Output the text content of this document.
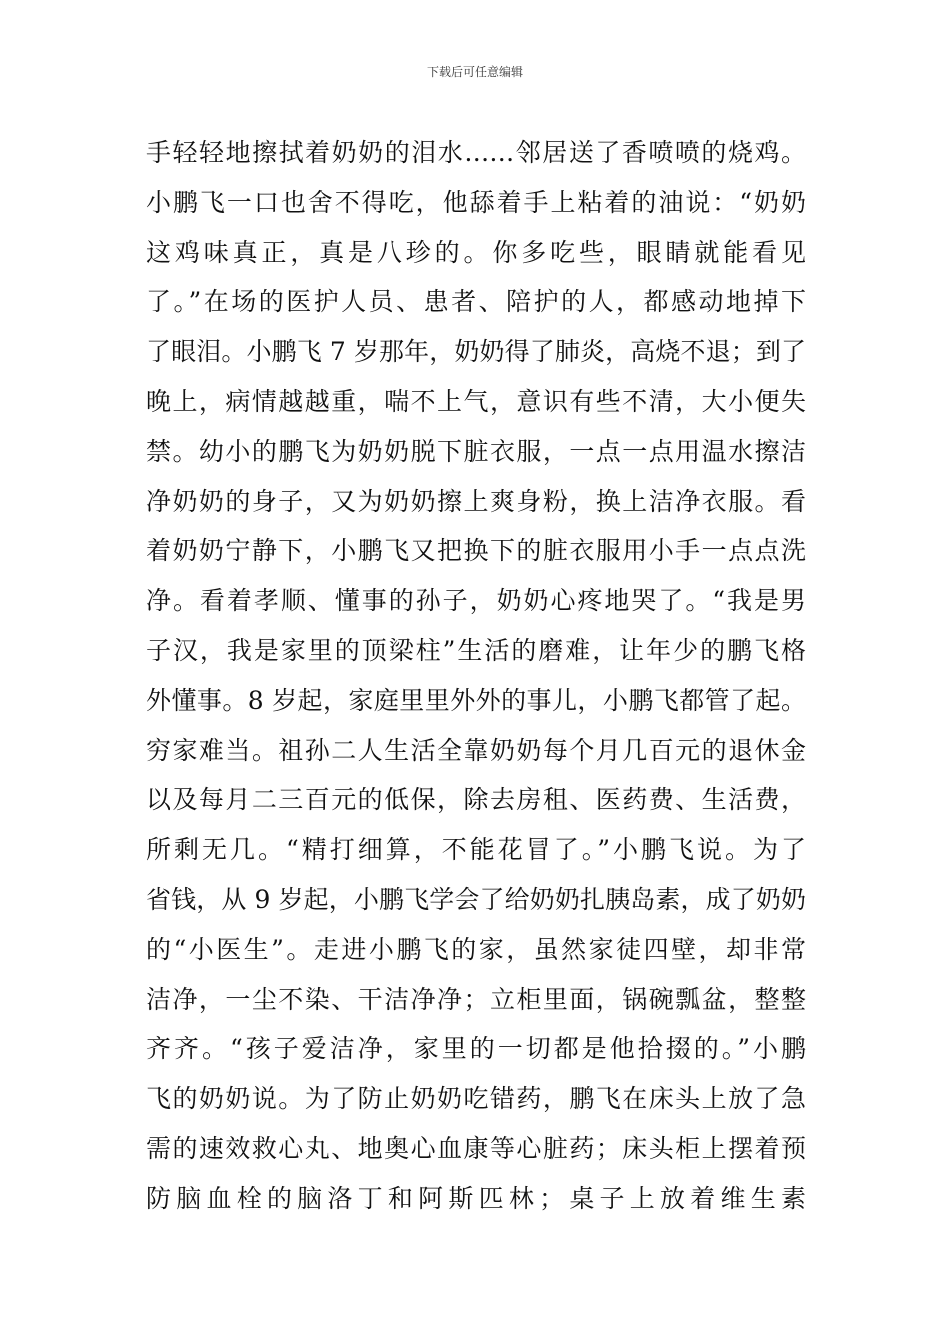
下载后可任意编辑
手轻轻地擦拭着奶奶的泪水……邻居送了香喷喷的烧鸡。
小鹏飞一口也舍不得吃，他舔着手上粘着的油说：“奶奶
这鸡味真正，真是八珍的。你多吃些，眼睛就能看见
了。”在场的医护人员、患者、陪护的人，都感动地掉下
了眼泪。小鹏飞 7 岁那年，奶奶得了肺炎，高烧不退；到了
晚上，病情越越重，喘不上气，意识有些不清，大小便失
禁。幼小的鹏飞为奶奶脱下脏衣服，一点一点用温水擦洁
净奶奶的身子，又为奶奶擦上爽身粉，换上洁净衣服。看
着奶奶宁静下，小鹏飞又把换下的脏衣服用小手一点点洗
净。看着孝顺、懂事的孙子，奶奶心疼地哭了。“我是男
子汉，我是家里的顶梁柱”生活的磨难，让年少的鹏飞格
外懂事。8 岁起，家庭里里外外的事儿，小鹏飞都管了起。
穷家难当。祖孙二人生活全靠奶奶每个月几百元的退休金
以及每月二三百元的低保，除去房租、医药费、生活费，
所剩无几。“精打细算，不能花冒了。”小鹏飞说。为了
省钱，从 9 岁起，小鹏飞学会了给奶奶扎胰岛素，成了奶奶
的“小医生”。走进小鹏飞的家，虽然家徒四壁，却非常
洁净，一尘不染、干洁净净；立柜里面，锅碗瓢盆，整整
齐齐。“孩子爱洁净，家里的一切都是他拾掇的。”小鹏
飞的奶奶说。为了防止奶奶吃错药，鹏飞在床头上放了急
需的速效救心丸、地奥心血康等心脏药；床头柜上摆着预
防脑血栓的脑洛丁和阿斯匹林；桌子上放着维生素
